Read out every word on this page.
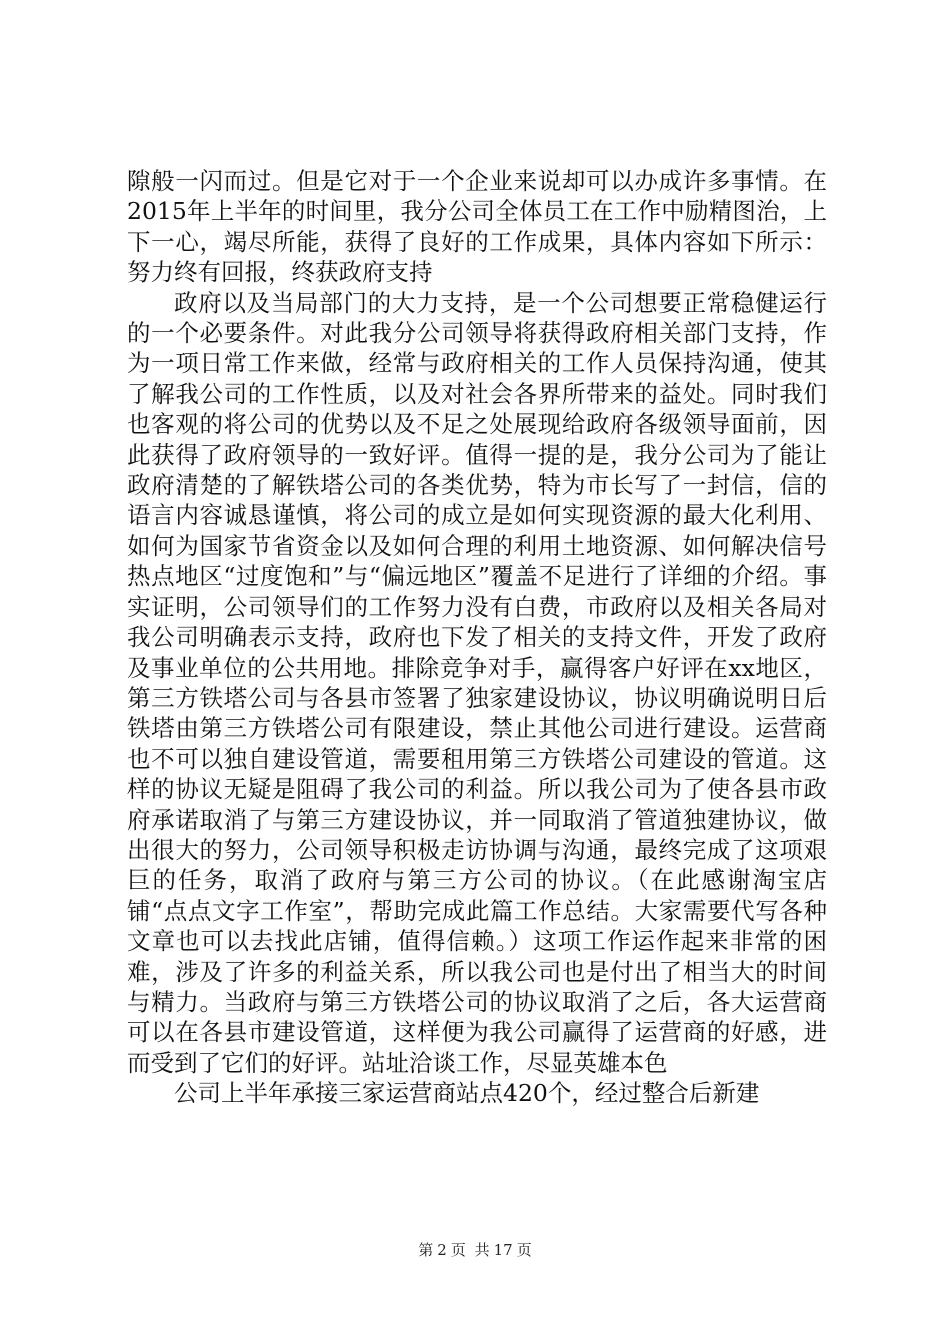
隙般一闪而过。但是它对于一个企业来说却可以办成许多事情。在2015年上半年的时间里，我分公司全体员工在工作中励精图治，上下一心，竭尽所能，获得了良好的工作成果，具体内容如下所示：努力终有回报，终获政府支持

政府以及当局部门的大力支持，是一个公司想要正常稳健运行的一个必要条件。对此我分公司领导将获得政府相关部门支持，作为一项日常工作来做，经常与政府相关的工作人员保持沟通，使其了解我公司的工作性质，以及对社会各界所带来的益处。同时我们也客观的将公司的优势以及不足之处展现给政府各级领导面前，因此获得了政府领导的一致好评。值得一提的是，我分公司为了能让政府清楚的了解铁塔公司的各类优势，特为市长写了一封信，信的语言内容诚恳谨慎，将公司的成立是如何实现资源的最大化利用、如何为国家节省资金以及如何合理的利用土地资源、如何解决信号热点地区“过度饱和”与“偏远地区”覆盖不足进行了详细的介绍。事实证明，公司领导们的工作努力没有白费，市政府以及相关各局对我公司明确表示支持，政府也下发了相关的支持文件，开发了政府及事业单位的公共用地。排除竞争对手，赢得客户好评在xx地区，第三方铁塔公司与各县市签署了独家建设协议，协议明确说明日后铁塔由第三方铁塔公司有限建设，禁止其他公司进行建设。运营商也不可以独自建设管道，需要租用第三方铁塔公司建设的管道。这样的协议无疑是阻碍了我公司的利益。所以我公司为了使各县市政府承诺取消了与第三方建设协议，并一同取消了管道独建协议，做出很大的努力，公司领导积极走访协调与沟通，最终完成了这项艰巨的任务，取消了政府与第三方公司的协议。（在此感谢淘宝店铺“点点文字工作室”，帮助完成此篇工作总结。大家需要代写各种文章也可以去找此店铺，值得信赖。）这项工作运作起来非常的困难，涉及了许多的利益关系，所以我公司也是付出了相当大的时间与精力。当政府与第三方铁塔公司的协议取消了之后，各大运营商可以在各县市建设管道，这样便为我公司赢得了运营商的好感，进而受到了它们的好评。站址洽谈工作，尽显英雄本色

公司上半年承接三家运营商站点420个，经过整合后新建

第 2 页 共 17 页
